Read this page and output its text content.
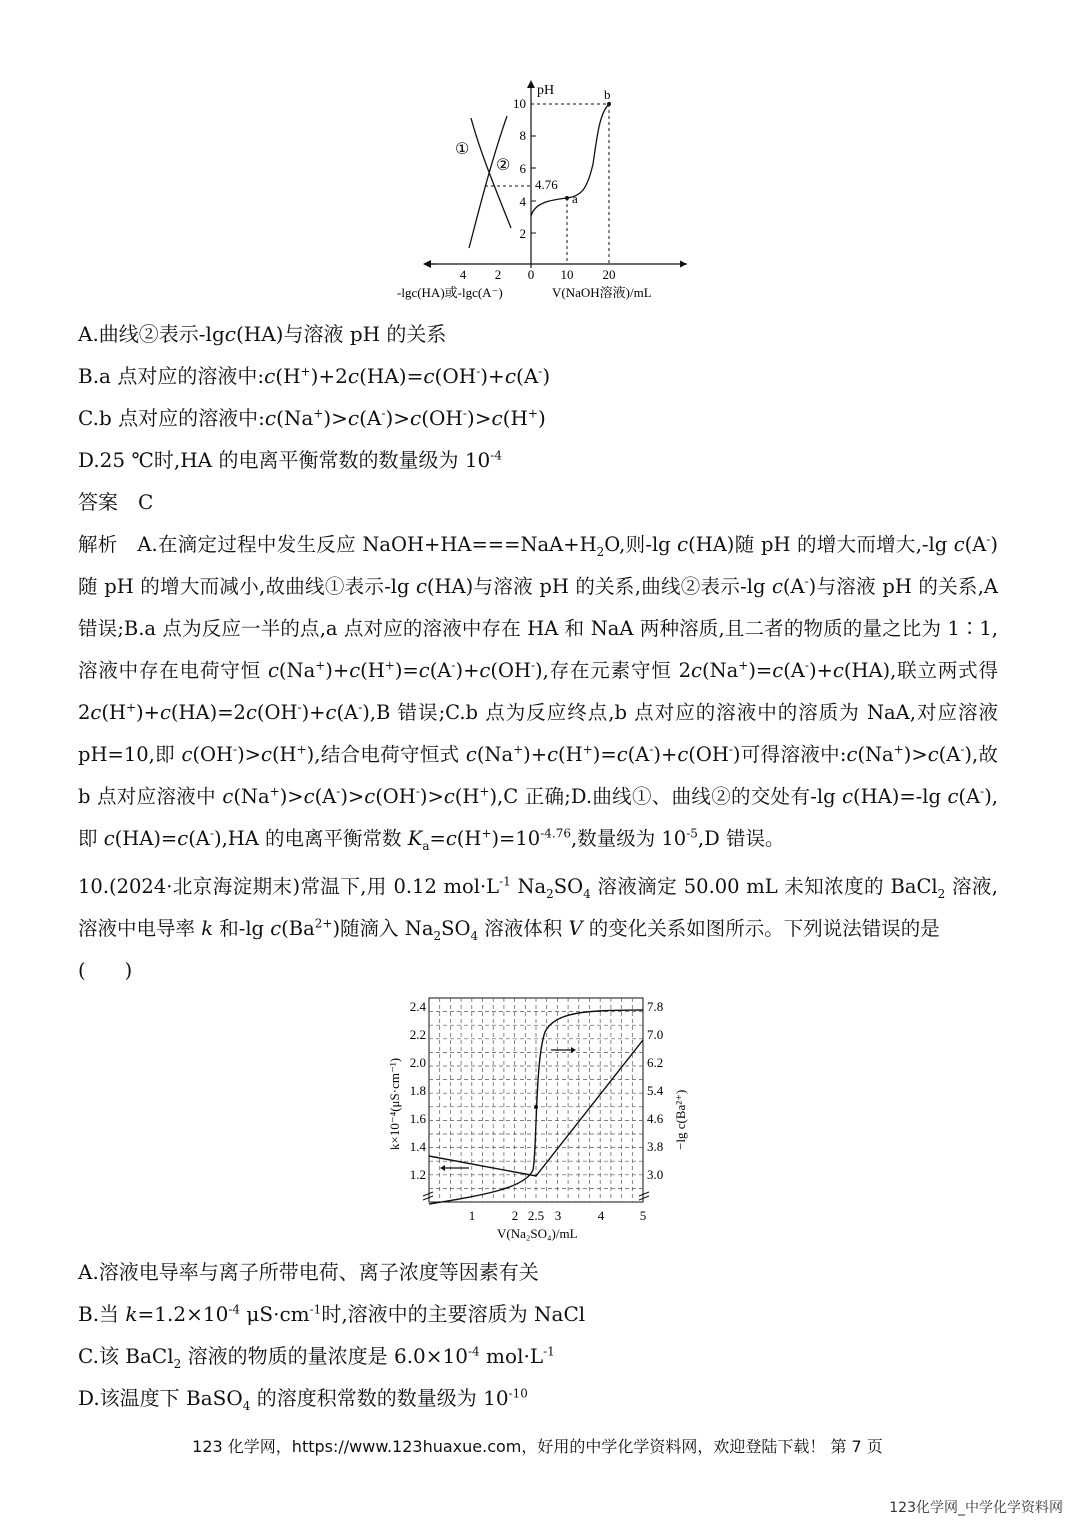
pH
10
8
6
4
2
4 2 0 10 20
①
②
a
b
4.76
-lgc(HA)或-lgc(A⁻)	V(NaOH溶液)/mL
A.曲线②表示-lgc(HA)与溶液 pH 的关系
B.a 点对应的溶液中:c(H+)+2c(HA)=c(OH-)+c(A-)
C.b 点对应的溶液中:c(Na+)>c(A-)>c(OH-)>c(H+)
D.25 ℃时,HA 的电离平衡常数的数量级为 $10^{-4}$
答案　C

解析　A.在滴定过程中发生反应 $NaOH+HA===NaA+H_2O$,则-lg c(HA)随 pH 的增大而增大,-lg c(A-)随 pH 的增大而减小,故曲线①表示-lg c(HA)与溶液 pH 的关系,曲线②表示-lg c(A-)与溶液 pH 的关系,A 错误;B.a 点为反应一半的点,a 点对应的溶液中存在 HA 和 NaA 两种溶质,且二者的物质的量之比为 1∶1,溶液中存在电荷守恒 c(Na+)+c(H+)=c(A-)+c(OH-),存在元素守恒 2c(Na+)=c(A-)+c(HA),联立两式得 2c(H+)+c(HA)=2c(OH-)+c(A-),B 错误;C.b 点为反应终点,b 点对应的溶液中的溶质为 NaA,对应溶液 pH=10,即 c(OH-)>c(H+),结合电荷守恒式 c(Na+)+c(H+)=c(A-)+c(OH-)可得溶液中:c(Na+)>c(A-),故 b 点对应溶液中 c(Na+)>c(A-)>c(OH-)>c(H+),C 正确;D.曲线①、曲线②的交处有-lg c(HA)=-lg c(A-),即 c(HA)=c(A-),HA 的电离平衡常数 $K_a=c(H^+)=10^{-4.76}$,数量级为 $10^{-5},D$ 错误。

10.(2024·北京海淀期末)常温下,用 0.12 $mol\cdot L^{-1}$ $Na_2SO_4$ 溶液滴定 50.00 mL 未知浓度的 BaCl$_2$ 溶液,溶液中电导率 k 和-lg $c(Ba^{2+})$随滴入 $Na_2SO_4$ 溶液体积 V 的变化关系如图所示。下列说法错误的是

(　　)

2.4
2.2
2.0
1.8
1.6
1.4
1.2
7.8
7.0
6.2
5.4
4.6
3.8
3.0
1	2 2.5 3	4	5
V(Na₂SO₄)/mL
k×10⁻⁴(μS·cm⁻¹)	−lg c(Ba²⁺)
A.溶液电导率与离子所带电荷、离子浓度等因素有关
B.当 $k=1.2\times 10^{-4}$ $\mu S\cdot cm^{-1}$时,溶液中的主要溶质为 NaCl
C.该 BaCl$_2$ 溶液的物质的量浓度是 $6.0\times 10^{-4}$ $mol\cdot L^{-1}$
D.该温度下 BaSO$_4$ 的溶度积常数的数量级为 $10^{-10}$
123 化学网，https://www.123huaxue.com，好用的中学化学资料网，欢迎登陆下载！ 第 7 页
123化学网_中学化学资料网
